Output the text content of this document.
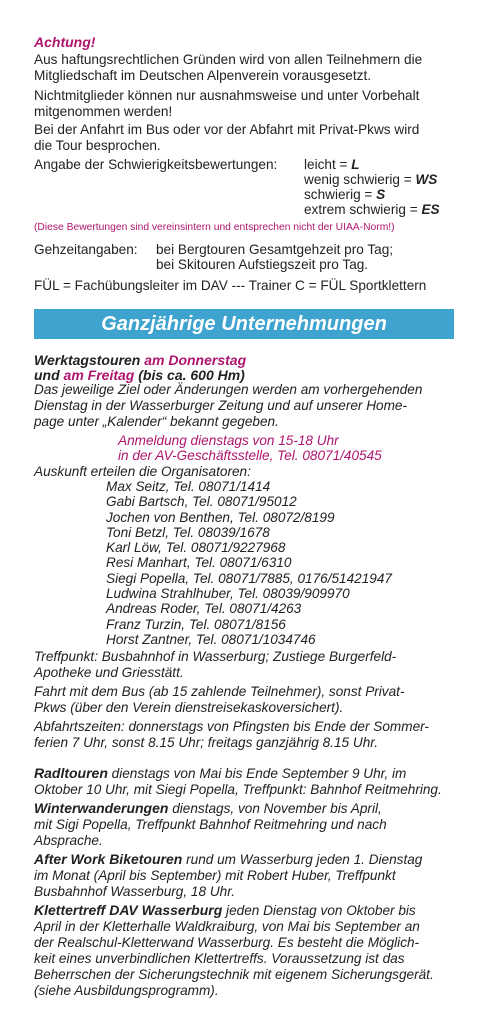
Achtung!
Aus haftungsrechtlichen Gründen wird von allen Teilnehmern die
Mitgliedschaft im Deutschen Alpenverein vorausgesetzt.
Nichtmitglieder können nur ausnahmsweise und unter Vorbehalt
mitgenommen werden!
Bei der Anfahrt im Bus oder vor der Abfahrt mit Privat-Pkws wird
die Tour besprochen.
Angabe der Schwierigkeitsbewertungen: leicht = L
wenig schwierig = WS
schwierig = S
extrem schwierig = ES
(Diese Bewertungen sind vereinsintern und entsprechen nicht der UIAA-Norm!)
Gehzeitangaben: bei Bergtouren Gesamtgehzeit pro Tag;
bei Skitouren Aufstiegszeit pro Tag.
FÜL = Fachübungsleiter im DAV --- Trainer C = FÜL Sportklettern
Ganzjährige Unternehmungen
Werktagstouren am Donnerstag
und am Freitag (bis ca. 600 Hm)
Das jeweilige Ziel oder Änderungen werden am vorhergehenden
Dienstag in der Wasserburger Zeitung und auf unserer Home-
page unter „Kalender“ bekannt gegeben.
Anmeldung dienstags von 15-18 Uhr
in der AV-Geschäftsstelle, Tel. 08071/40545
Auskunft erteilen die Organisatoren:
Max Seitz, Tel. 08071/1414
Gabi Bartsch, Tel. 08071/95012
Jochen von Benthen, Tel. 08072/8199
Toni Betzl, Tel. 08039/1678
Karl Löw, Tel. 08071/9227968
Resi Manhart, Tel. 08071/6310
Siegi Popella, Tel. 08071/7885, 0176/51421947
Ludwina Strahlhuber, Tel. 08039/909970
Andreas Roder, Tel. 08071/4263
Franz Turzin, Tel. 08071/8156
Horst Zantner, Tel. 08071/1034746
Treffpunkt: Busbahnhof in Wasserburg; Zustiege Burgerfeld-
Apotheke und Griesstätt.
Fahrt mit dem Bus (ab 15 zahlende Teilnehmer), sonst Privat-
Pkws (über den Verein dienstreisekaskoversichert).
Abfahrtszeiten: donnerstags von Pfingsten bis Ende der Sommer-
ferien 7 Uhr, sonst 8.15 Uhr; freitags ganzjährig 8.15 Uhr.
Radltouren dienstags von Mai bis Ende September 9 Uhr, im
Oktober 10 Uhr, mit Siegi Popella, Treffpunkt: Bahnhof Reitmehring.
Winterwanderungen dienstags, von November bis April,
mit Sigi Popella, Treffpunkt Bahnhof Reitmehring und nach
Absprache.
After Work Biketouren rund um Wasserburg jeden 1. Dienstag
im Monat (April bis September) mit Robert Huber, Treffpunkt
Busbahnhof Wasserburg, 18 Uhr.
Klettertreff DAV Wasserburg jeden Dienstag von Oktober bis
April in der Kletterhalle Waldkraiburg, von Mai bis September an
der Realschul-Kletterwand Wasserburg. Es besteht die Möglich-
keit eines unverbindlichen Klettertreffs. Voraussetzung ist das
Beherrschen der Sicherungstechnik mit eigenem Sicherungsgerät.
(siehe Ausbildungsprogramm).
